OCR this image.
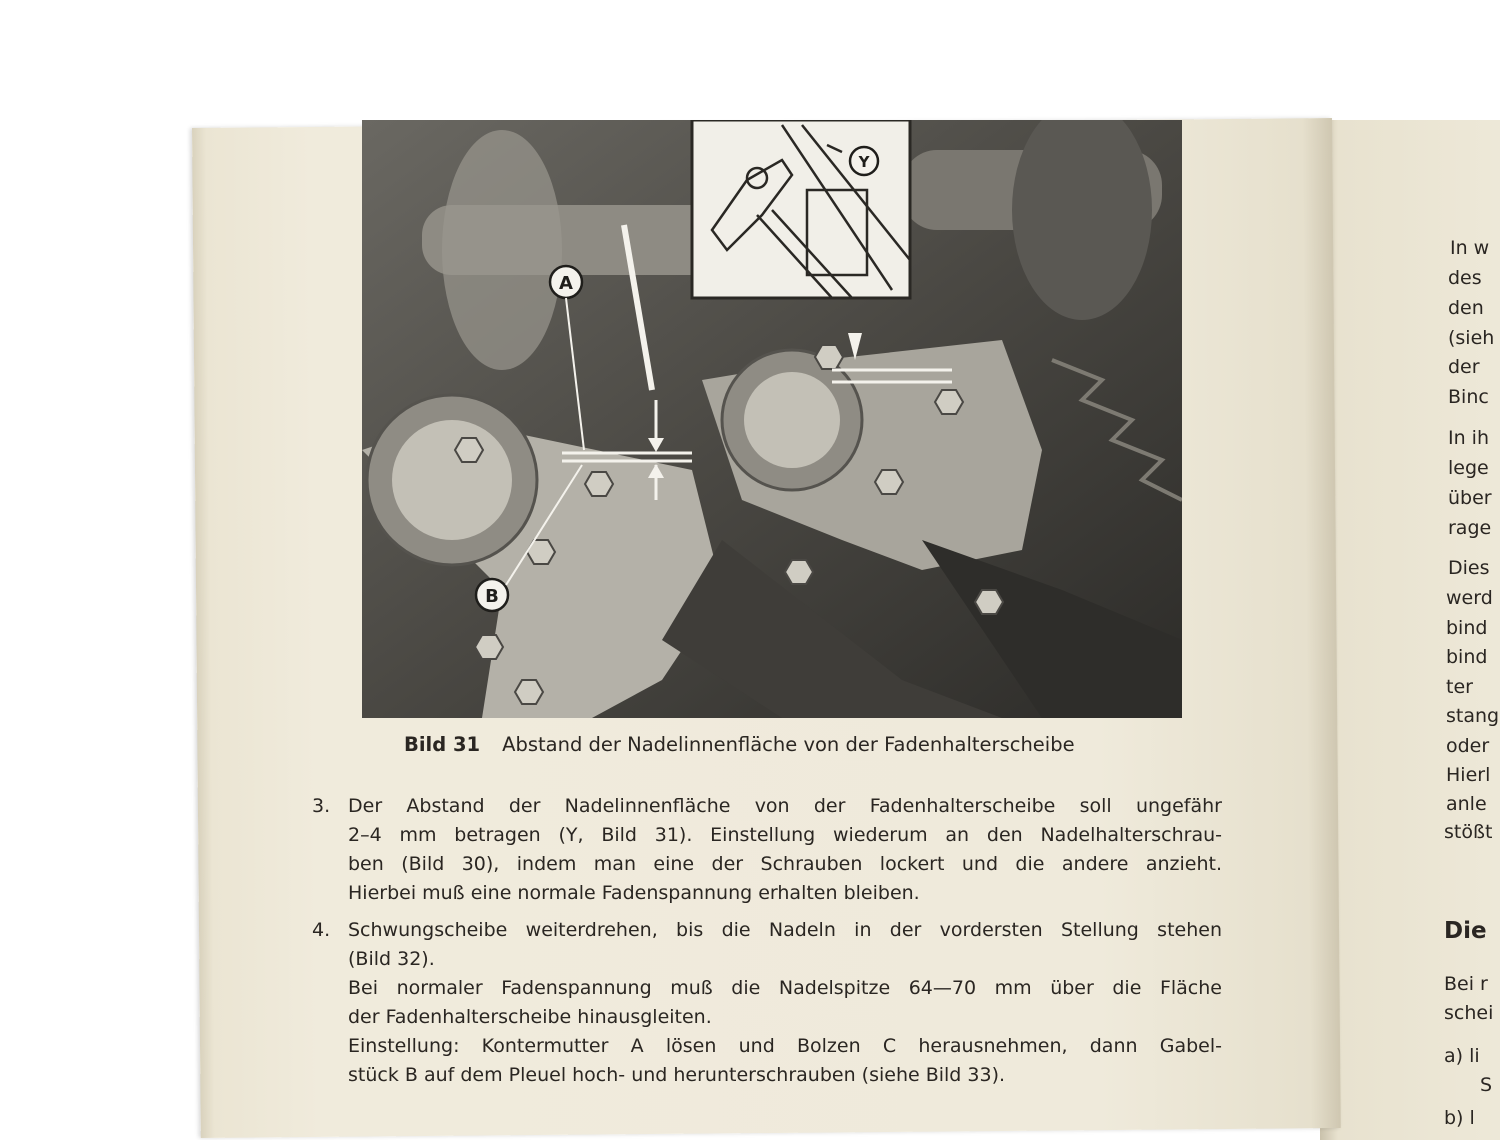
A
B
Y
Bild 31 Abstand der Nadelinnenfläche von der Fadenhalterscheibe
3. Der Abstand der Nadelinnenfläche von der Fadenhalterscheibe soll ungefähr
2–4 mm betragen (Y, Bild 31). Einstellung wiederum an den Nadelhalterschrau-
ben (Bild 30), indem man eine der Schrauben lockert und die andere anzieht.
Hierbei muß eine normale Fadenspannung erhalten bleiben.
4. Schwungscheibe weiterdrehen, bis die Nadeln in der vordersten Stellung stehen
(Bild 32).
Bei normaler Fadenspannung muß die Nadelspitze 64—70 mm über die Fläche
der Fadenhalterscheibe hinausgleiten.
Einstellung: Kontermutter A lösen und Bolzen C herausnehmen, dann Gabel-
stück B auf dem Pleuel hoch- und herunterschrauben (siehe Bild 33).
In w
des
den
(sieh
der
Binc
In ih
lege
über
rage
Dies
werd
bind
bind
ter
stang
oder
Hierl
anle
stößt
Die
Bei r
schei
a) li
S
b) l
